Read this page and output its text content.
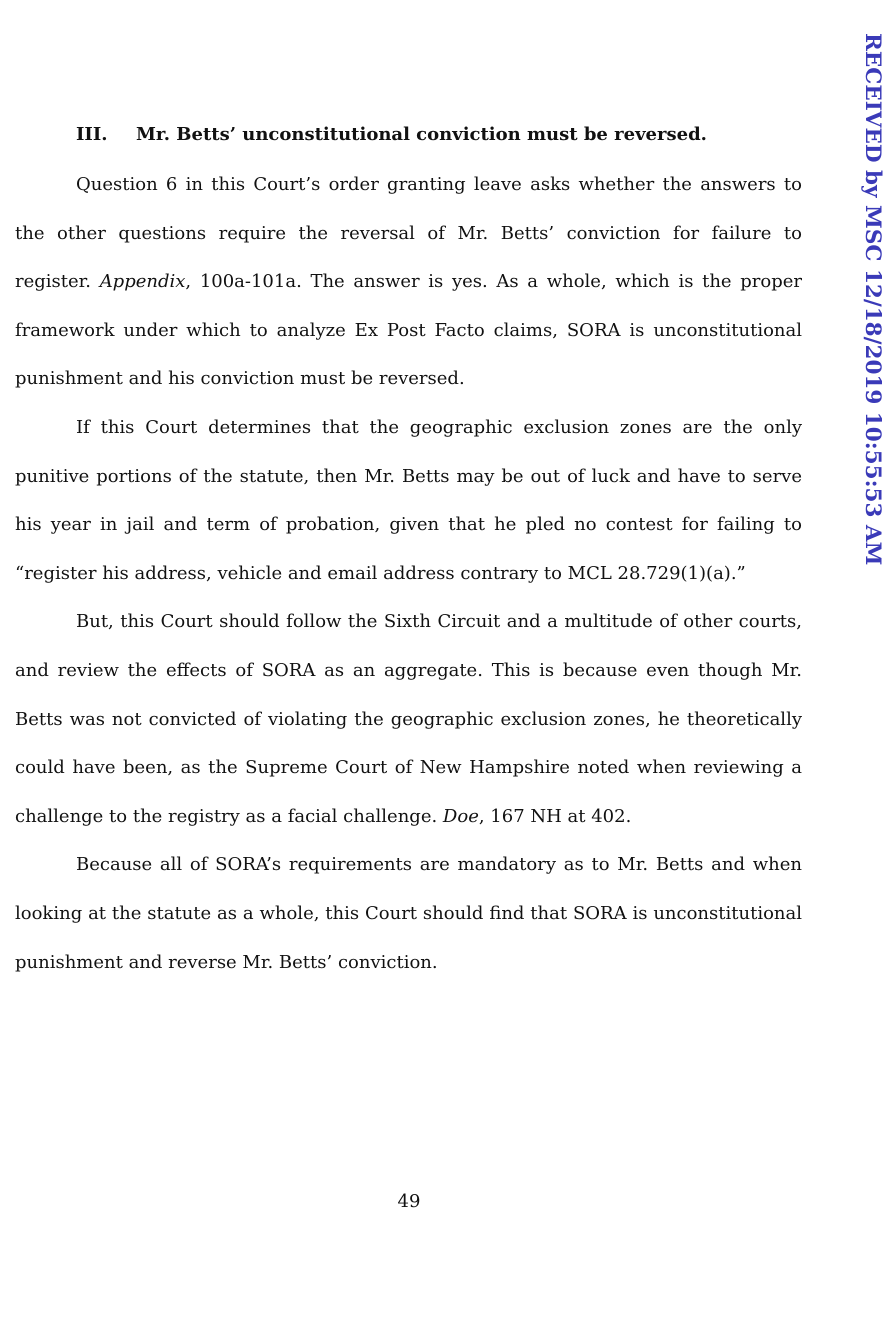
III. Mr. Betts’ unconstitutional conviction must be reversed.

Question 6 in this Court’s order granting leave asks whether the answers to the other questions require the reversal of Mr. Betts’ conviction for failure to register. Appendix, 100a-101a. The answer is yes. As a whole, which is the proper framework under which to analyze Ex Post Facto claims, SORA is unconstitutional punishment and his conviction must be reversed.

If this Court determines that the geographic exclusion zones are the only punitive portions of the statute, then Mr. Betts may be out of luck and have to serve his year in jail and term of probation, given that he pled no contest for failing to “register his address, vehicle and email address contrary to MCL 28.729(1)(a).”

But, this Court should follow the Sixth Circuit and a multitude of other courts, and review the effects of SORA as an aggregate. This is because even though Mr. Betts was not convicted of violating the geographic exclusion zones, he theoretically could have been, as the Supreme Court of New Hampshire noted when reviewing a challenge to the registry as a facial challenge. Doe, 167 NH at 402.

Because all of SORA’s requirements are mandatory as to Mr. Betts and when looking at the statute as a whole, this Court should find that SORA is unconstitutional punishment and reverse Mr. Betts’ conviction.

49
RECEIVED by MSC 12/18/2019 10:55:53 AM
